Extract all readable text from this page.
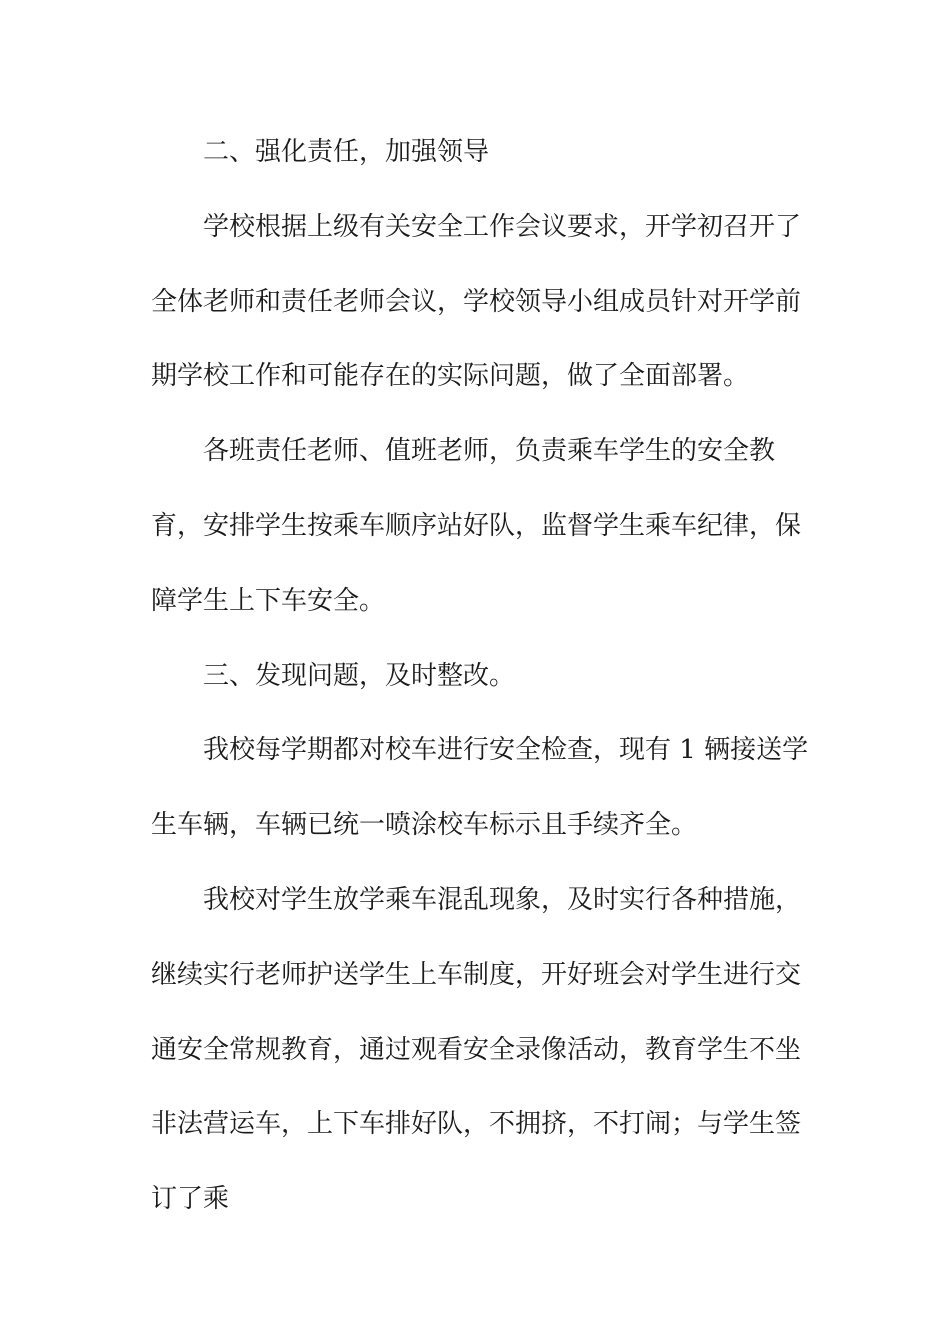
二、强化责任，加强领导
学校根据上级有关安全工作会议要求，开学初召开了
全体老师和责任老师会议，学校领导小组成员针对开学前
期学校工作和可能存在的实际问题，做了全面部署。
各班责任老师、值班老师，负责乘车学生的安全教
育，安排学生按乘车顺序站好队，监督学生乘车纪律，保
障学生上下车安全。
三、发现问题，及时整改。
我校每学期都对校车进行安全检查，现有 1 辆接送学
生车辆，车辆已统一喷涂校车标示且手续齐全。
我校对学生放学乘车混乱现象，及时实行各种措施，
继续实行老师护送学生上车制度，开好班会对学生进行交
通安全常规教育，通过观看安全录像活动，教育学生不坐
非法营运车，上下车排好队，不拥挤，不打闹；与学生签
订了乘
